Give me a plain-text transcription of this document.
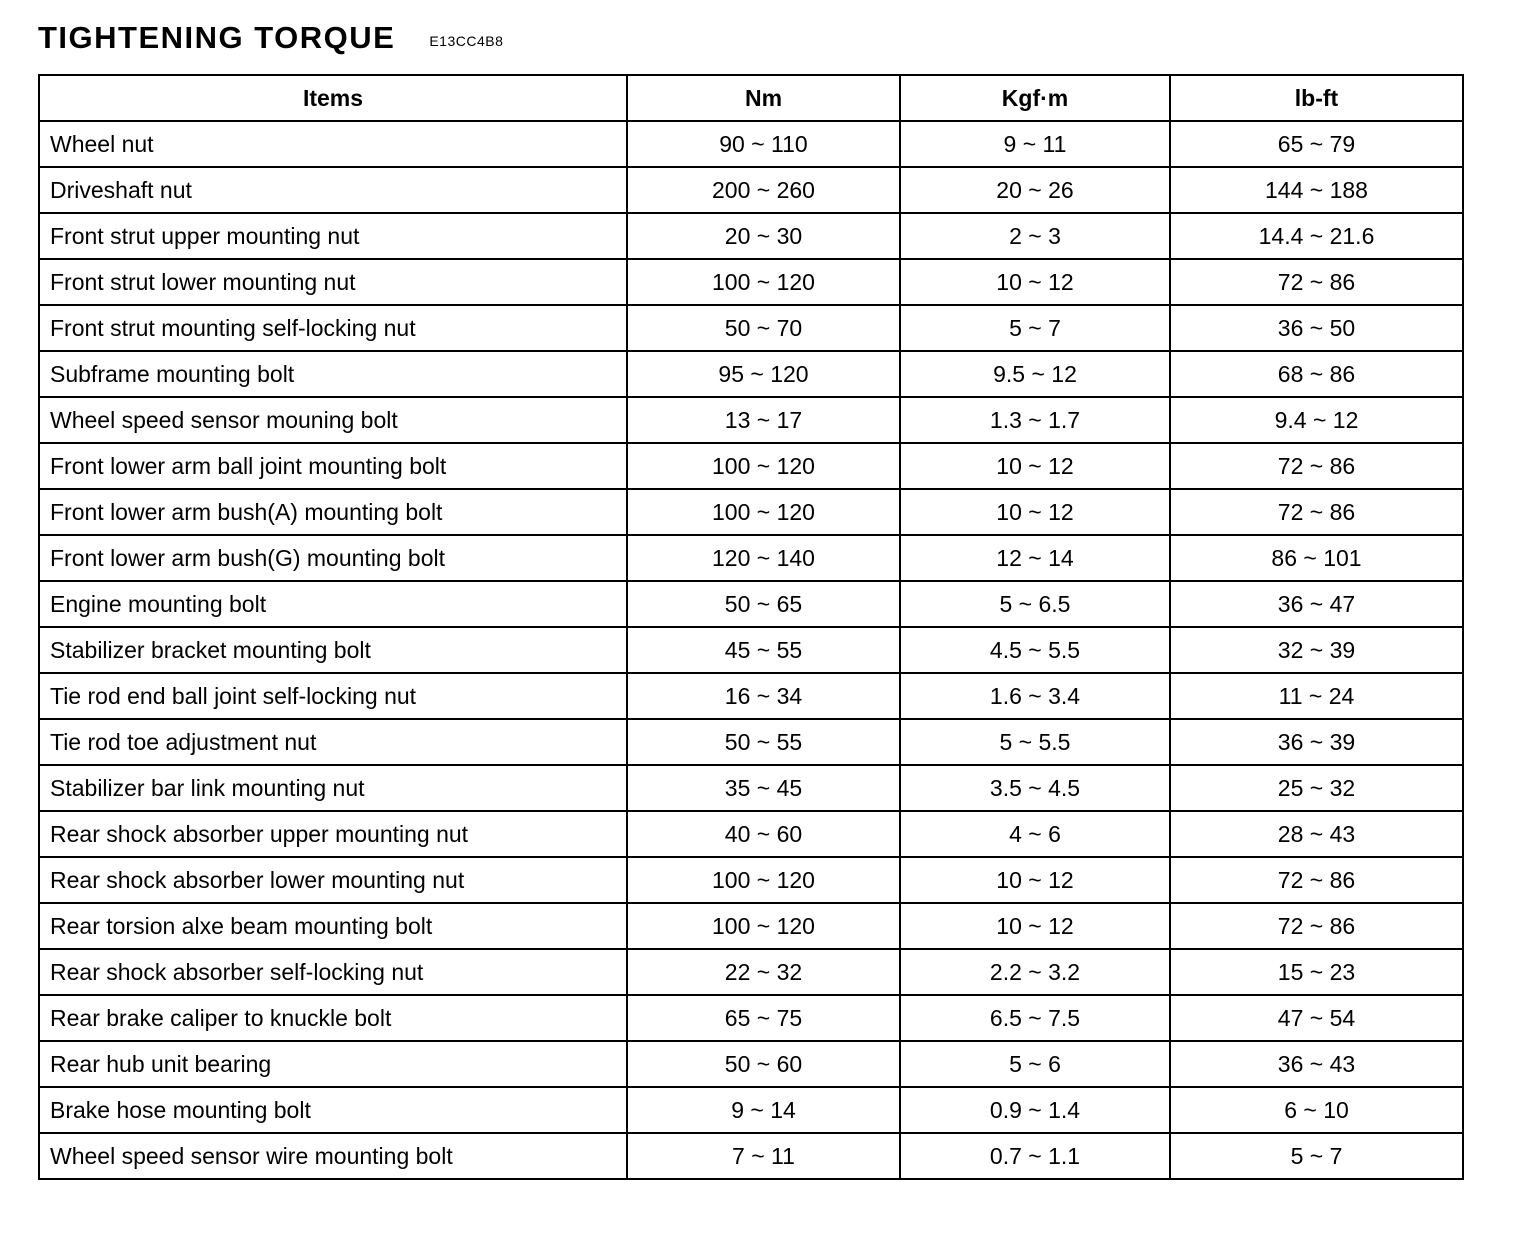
TIGHTENING TORQUE E13CC4B8
Items	Nm	Kgf·m	lb-ft
Wheel nut	90 ~ 110	9 ~ 11	65 ~ 79
Driveshaft nut	200 ~ 260	20 ~ 26	144 ~ 188
Front strut upper mounting nut	20 ~ 30	2 ~ 3	14.4 ~ 21.6
Front strut lower mounting nut	100 ~ 120	10 ~ 12	72 ~ 86
Front strut mounting self-locking nut	50 ~ 70	5 ~ 7	36 ~ 50
Subframe mounting bolt	95 ~ 120	9.5 ~ 12	68 ~ 86
Wheel speed sensor mouning bolt	13 ~ 17	1.3 ~ 1.7	9.4 ~ 12
Front lower arm ball joint mounting bolt	100 ~ 120	10 ~ 12	72 ~ 86
Front lower arm bush(A) mounting bolt	100 ~ 120	10 ~ 12	72 ~ 86
Front lower arm bush(G) mounting bolt	120 ~ 140	12 ~ 14	86 ~ 101
Engine mounting bolt	50 ~ 65	5 ~ 6.5	36 ~ 47
Stabilizer bracket mounting bolt	45 ~ 55	4.5 ~ 5.5	32 ~ 39
Tie rod end ball joint self-locking nut	16 ~ 34	1.6 ~ 3.4	11 ~ 24
Tie rod toe adjustment nut	50 ~ 55	5 ~ 5.5	36 ~ 39
Stabilizer bar link mounting nut	35 ~ 45	3.5 ~ 4.5	25 ~ 32
Rear shock absorber upper mounting nut	40 ~ 60	4 ~ 6	28 ~ 43
Rear shock absorber lower mounting nut	100 ~ 120	10 ~ 12	72 ~ 86
Rear torsion alxe beam mounting bolt	100 ~ 120	10 ~ 12	72 ~ 86
Rear shock absorber self-locking nut	22 ~ 32	2.2 ~ 3.2	15 ~ 23
Rear brake caliper to knuckle bolt	65 ~ 75	6.5 ~ 7.5	47 ~ 54
Rear hub unit bearing	50 ~ 60	5 ~ 6	36 ~ 43
Brake hose mounting bolt	9 ~ 14	0.9 ~ 1.4	6 ~ 10
Wheel speed sensor wire mounting bolt	7 ~ 11	0.7 ~ 1.1	5 ~ 7
